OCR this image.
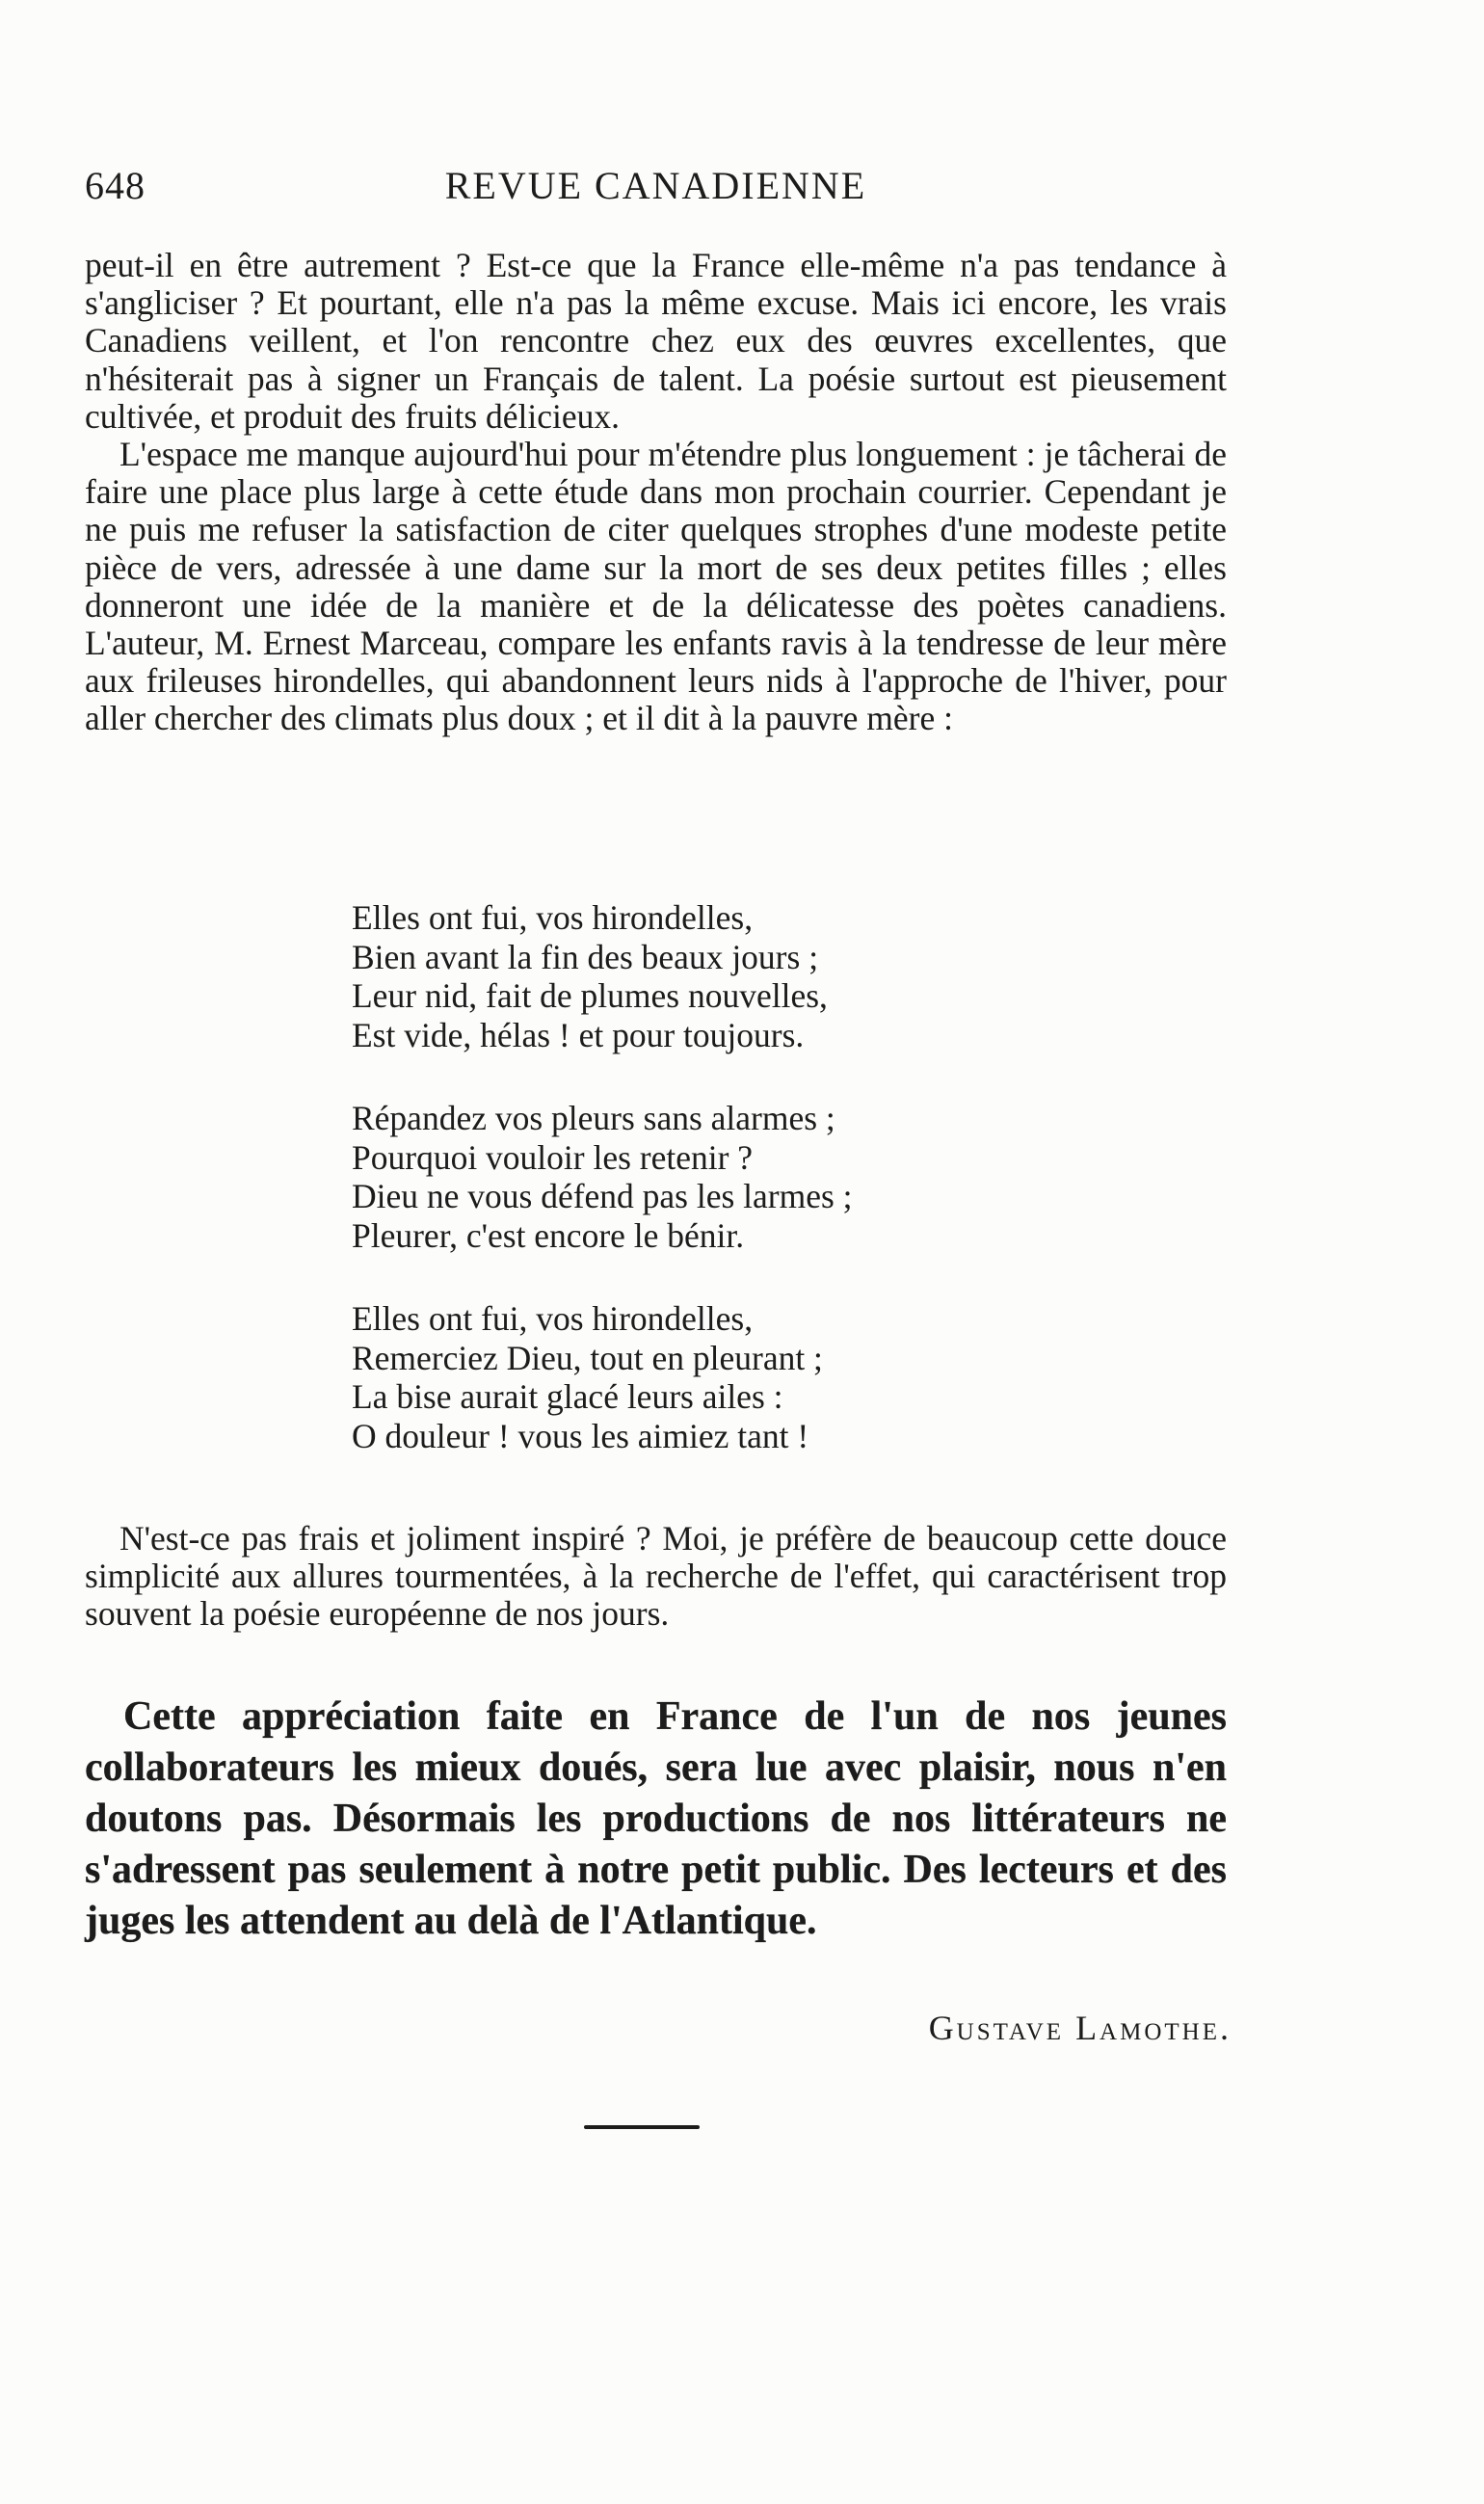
648	REVUE CANADIENNE

peut-il en être autrement ? Est-ce que la France elle-même n'a pas tendance à s'angliciser ? Et pourtant, elle n'a pas la même excuse. Mais ici encore, les vrais Canadiens veillent, et l'on rencontre chez eux des œuvres excellentes, que n'hésiterait pas à signer un Français de talent. La poésie surtout est pieusement cultivée, et produit des fruits délicieux.

L'espace me manque aujourd'hui pour m'étendre plus longuement : je tâcherai de faire une place plus large à cette étude dans mon prochain courrier. Cependant je ne puis me refuser la satisfaction de citer quelques strophes d'une modeste petite pièce de vers, adressée à une dame sur la mort de ses deux petites filles ; elles donneront une idée de la manière et de la délicatesse des poètes canadiens. L'auteur, M. Ernest Marceau, compare les enfants ravis à la tendresse de leur mère aux frileuses hirondelles, qui abandonnent leurs nids à l'approche de l'hiver, pour aller chercher des climats plus doux ; et il dit à la pauvre mère :

Elles ont fui, vos hirondelles,
Bien avant la fin des beaux jours ;
Leur nid, fait de plumes nouvelles,
Est vide, hélas ! et pour toujours.
Répandez vos pleurs sans alarmes ;
Pourquoi vouloir les retenir ?
Dieu ne vous défend pas les larmes ;
Pleurer, c'est encore le bénir.
Elles ont fui, vos hirondelles,
Remerciez Dieu, tout en pleurant ;
La bise aurait glacé leurs ailes :
O douleur ! vous les aimiez tant !

N'est-ce pas frais et joliment inspiré ? Moi, je préfère de beaucoup cette douce simplicité aux allures tourmentées, à la recherche de l'effet, qui caractérisent trop souvent la poésie européenne de nos jours.

Cette appréciation faite en France de l'un de nos jeunes collaborateurs les mieux doués, sera lue avec plaisir, nous n'en doutons pas. Désormais les productions de nos littérateurs ne s'adressent pas seulement à notre petit public. Des lecteurs et des juges les attendent au delà de l'Atlantique.

Gustave Lamothe.
